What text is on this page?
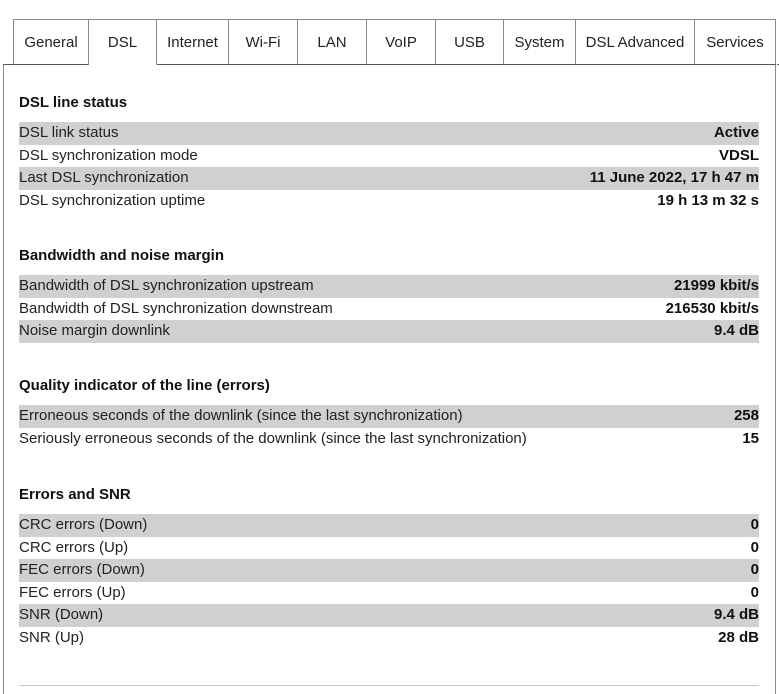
General	DSL	Internet	Wi-Fi	LAN	VoIP	USB	System	DSL Advanced	Services
DSL line status
DSL link status	Active
DSL synchronization mode	VDSL
Last DSL synchronization	11 June 2022, 17 h 47 m
DSL synchronization uptime	19 h 13 m 32 s
Bandwidth and noise margin
Bandwidth of DSL synchronization upstream	21999 kbit/s
Bandwidth of DSL synchronization downstream	216530 kbit/s
Noise margin downlink	9.4 dB
Quality indicator of the line (errors)
Erroneous seconds of the downlink (since the last synchronization)	258
Seriously erroneous seconds of the downlink (since the last synchronization)	15
Errors and SNR
CRC errors (Down)	0
CRC errors (Up)	0
FEC errors (Down)	0
FEC errors (Up)	0
SNR (Down)	9.4 dB
SNR (Up)	28 dB
